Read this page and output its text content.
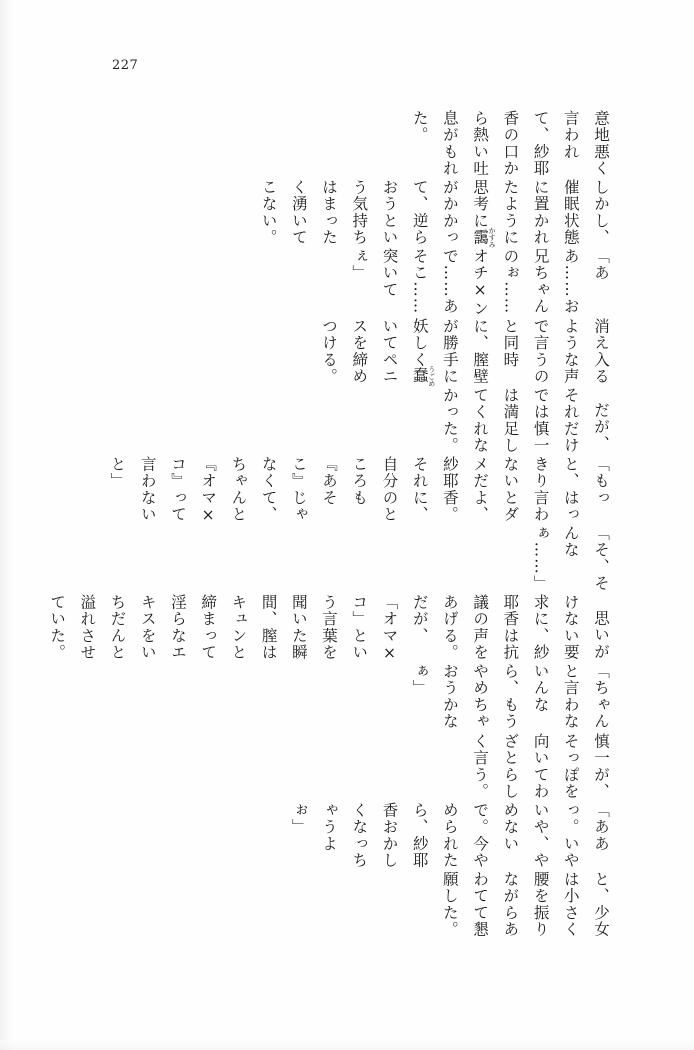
227

意地悪く言われて、紗耶香の口から熱い吐息がもれた。

しかし、催眠状態に置かれたように思考に靄 かすみがかかって、逆らおうという気持ちはまったく湧いてこない。

「ああ……お兄ちゃんのぉ……オチ×ンで……あそこ……突いてぇ」

消え入るような声で言うのと同時に、膣壁が勝手に妖しく蠢 うごめいてペニスを締めつける。

だが、それだけでは慎一は満足してくれなかった。

「もっと、はっきり言わないとダメだよ、紗耶香。それに、自分のところも『あそこ』じゃなくて、ちゃんと『オマ×コ』って言わないと」

「そ、そんなぁ……」

思いがけない要求に、紗耶香は抗議の声をあげる。だが、「オマ×コ」という言葉を聞いた瞬間、膣はキュンと締まって淫らなエキスをいちだんと溢れさせていた。

「ちゃんと言わないんなら、もうやめちゃおうかなぁ」

慎一が、そっぽを向いてわざとらしく言う。

「ああっ。いやいや、やめないで。今やめられたら、紗耶香おかしくなっちゃうよぉ」

と、少女は小さく腰を振りながらあわてて懇願した。
